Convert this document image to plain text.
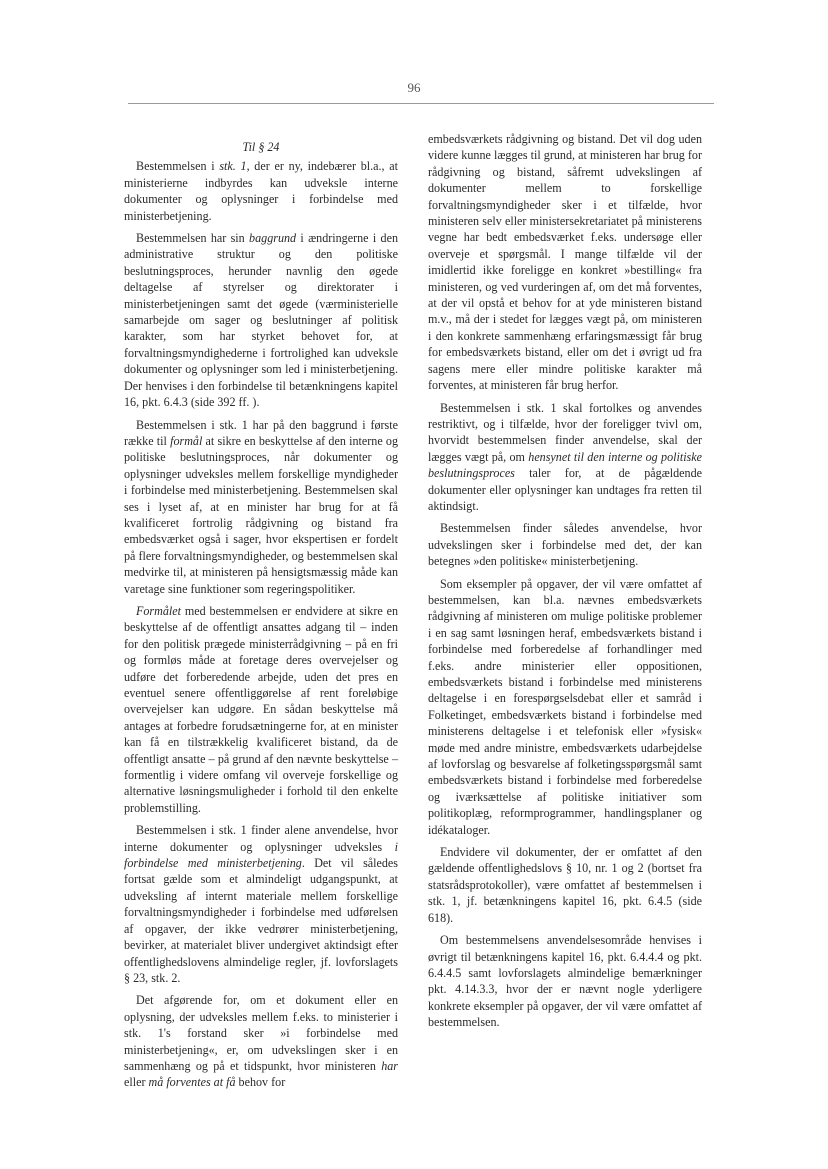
96
Til § 24

Bestemmelsen i stk. 1, der er ny, indebærer bl.a., at ministerierne indbyrdes kan udveksle interne dokumenter og oplysninger i forbindelse med ministerbetjening.

Bestemmelsen har sin baggrund i ændringerne i den administrative struktur og den politiske beslutningsproces, herunder navnlig den øgede deltagelse af styrelser og direktorater i ministerbetjeningen samt det øgede (værministerielle samarbejde om sager og beslutninger af politisk karakter, som har styrket behovet for, at forvaltningsmyndighederne i fortrolighed kan udveksle dokumenter og oplysninger som led i ministerbetjening. Der henvises i den forbindelse til betænkningens kapitel 16, pkt. 6.4.3 (side 392 ff. ).

Bestemmelsen i stk. 1 har på den baggrund i første række til formål at sikre en beskyttelse af den interne og politiske beslutningsproces, når dokumenter og oplysninger udveksles mellem forskellige myndigheder i forbindelse med ministerbetjening. Bestemmelsen skal ses i lyset af, at en minister har brug for at få kvalificeret fortrolig rådgivning og bistand fra embedsværket også i sager, hvor ekspertisen er fordelt på flere forvaltningsmyndigheder, og bestemmelsen skal medvirke til, at ministeren på hensigtsmæssig måde kan varetage sine funktioner som regeringspolitiker.

Formålet med bestemmelsen er endvidere at sikre en beskyttelse af de offentligt ansattes adgang til – inden for den politisk prægede ministerrådgivning – på en fri og formløs måde at foretage deres overvejelser og udføre det forberedende arbejde, uden det pres en eventuel senere offentliggørelse af rent foreløbige overvejelser kan udgøre. En sådan beskyttelse må antages at forbedre forudsætningerne for, at en minister kan få en tilstrækkelig kvalificeret bistand, da de offentligt ansatte – på grund af den nævnte beskyttelse – formentlig i videre omfang vil overveje forskellige og alternative løsningsmuligheder i forhold til den enkelte problemstilling.

Bestemmelsen i stk. 1 finder alene anvendelse, hvor interne dokumenter og oplysninger udveksles i forbindelse med ministerbetjening. Det vil således fortsat gælde som et almindeligt udgangspunkt, at udveksling af internt materiale mellem forskellige forvaltningsmyndigheder i forbindelse med udførelsen af opgaver, der ikke vedrører ministerbetjening, bevirker, at materialet bliver undergivet aktindsigt efter offentlighedslovens almindelige regler, jf. lovforslagets § 23, stk. 2.

Det afgørende for, om et dokument eller en oplysning, der udveksles mellem f.eks. to ministerier i stk. 1's forstand sker »i forbindelse med ministerbetjening«, er, om udvekslingen sker i en sammenhæng og på et tidspunkt, hvor ministeren har eller må forventes at få behov for

embedsværkets rådgivning og bistand. Det vil dog uden videre kunne lægges til grund, at ministeren har brug for rådgivning og bistand, såfremt udvekslingen af dokumenter mellem to forskellige forvaltningsmyndigheder sker i et tilfælde, hvor ministeren selv eller ministersekretariatet på ministerens vegne har bedt embedsværket f.eks. undersøge eller overveje et spørgsmål. I mange tilfælde vil der imidlertid ikke foreligge en konkret »bestilling« fra ministeren, og ved vurderingen af, om det må forventes, at der vil opstå et behov for at yde ministeren bistand m.v., må der i stedet for lægges vægt på, om ministeren i den konkrete sammenhæng erfaringsmæssigt får brug for embedsværkets bistand, eller om det i øvrigt ud fra sagens mere eller mindre politiske karakter må forventes, at ministeren får brug herfor.

Bestemmelsen i stk. 1 skal fortolkes og anvendes restriktivt, og i tilfælde, hvor der foreligger tvivl om, hvorvidt bestemmelsen finder anvendelse, skal der lægges vægt på, om hensynet til den interne og politiske beslutningsproces taler for, at de pågældende dokumenter eller oplysninger kan undtages fra retten til aktindsigt.

Bestemmelsen finder således anvendelse, hvor udvekslingen sker i forbindelse med det, der kan betegnes »den politiske« ministerbetjening.

Som eksempler på opgaver, der vil være omfattet af bestemmelsen, kan bl.a. nævnes embedsværkets rådgivning af ministeren om mulige politiske problemer i en sag samt løsningen heraf, embedsværkets bistand i forbindelse med forberedelse af forhandlinger med f.eks. andre ministerier eller oppositionen, embedsværkets bistand i forbindelse med ministerens deltagelse i en forespørgselsdebat eller et samråd i Folketinget, embedsværkets bistand i forbindelse med ministerens deltagelse i et telefonisk eller »fysisk« møde med andre ministre, embedsværkets udarbejdelse af lovforslag og besvarelse af folketingsspørgsmål samt embedsværkets bistand i forbindelse med forberedelse og iværksættelse af politiske initiativer som politikoplæg, reformprogrammer, handlingsplaner og idékataloger.

Endvidere vil dokumenter, der er omfattet af den gældende offentlighedslovs § 10, nr. 1 og 2 (bortset fra statsrådsprotokoller), være omfattet af bestemmelsen i stk. 1, jf. betænkningens kapitel 16, pkt. 6.4.5 (side 618).

Om bestemmelsens anvendelsesområde henvises i øvrigt til betænkningens kapitel 16, pkt. 6.4.4.4 og pkt. 6.4.4.5 samt lovforslagets almindelige bemærkninger pkt. 4.14.3.3, hvor der er nævnt nogle yderligere konkrete eksempler på opgaver, der vil være omfattet af bestemmelsen.
